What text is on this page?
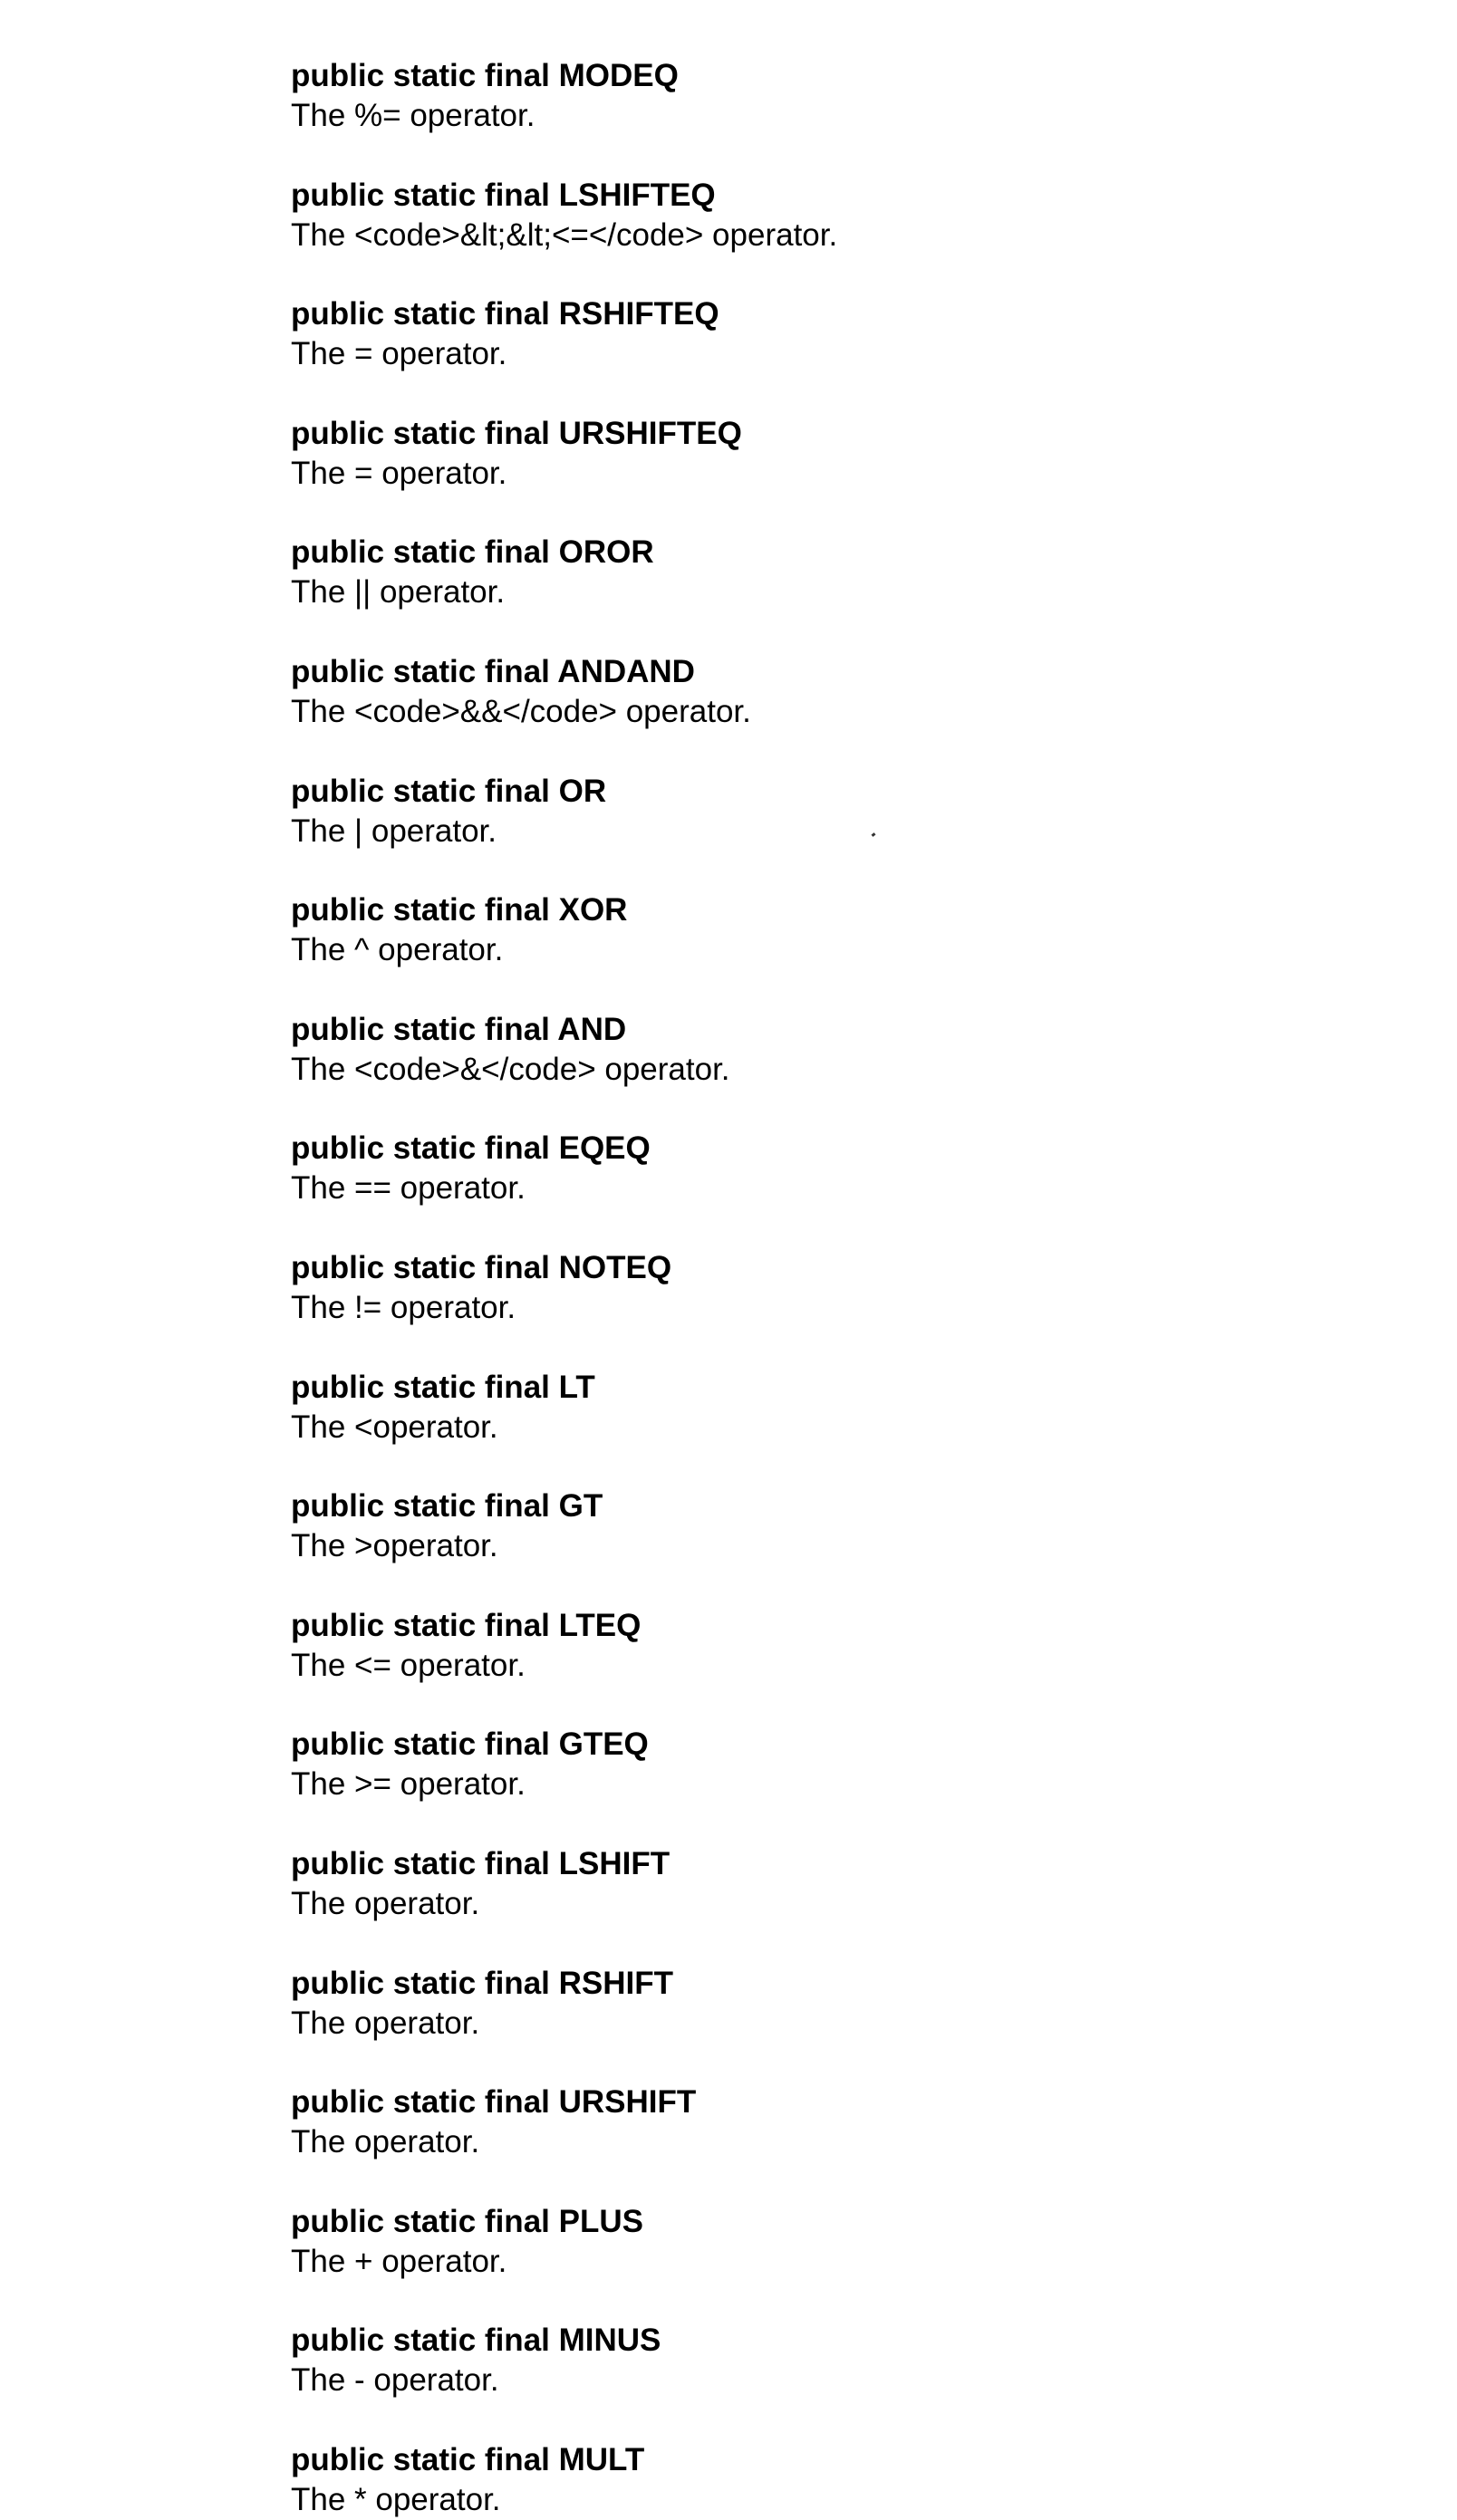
public static final MODEQ
The %= operator.
public static final LSHIFTEQ
The <code>&lt;&lt;<=</code> operator.
public static final RSHIFTEQ
The = operator.
public static final URSHIFTEQ
The = operator.
public static final OROR
The || operator.
public static final ANDAND
The <code>&&</code> operator.
public static final OR
The | operator.
public static final XOR
The ^ operator.
public static final AND
The <code>&</code> operator.
public static final EQEQ
The == operator.
public static final NOTEQ
The != operator.
public static final LT
The <operator.
public static final GT
The >operator.
public static final LTEQ
The <= operator.
public static final GTEQ
The >= operator.
public static final LSHIFT
The operator.
public static final RSHIFT
The operator.
public static final URSHIFT
The operator.
public static final PLUS
The + operator.
public static final MINUS
The - operator.
public static final MULT
The * operator.
